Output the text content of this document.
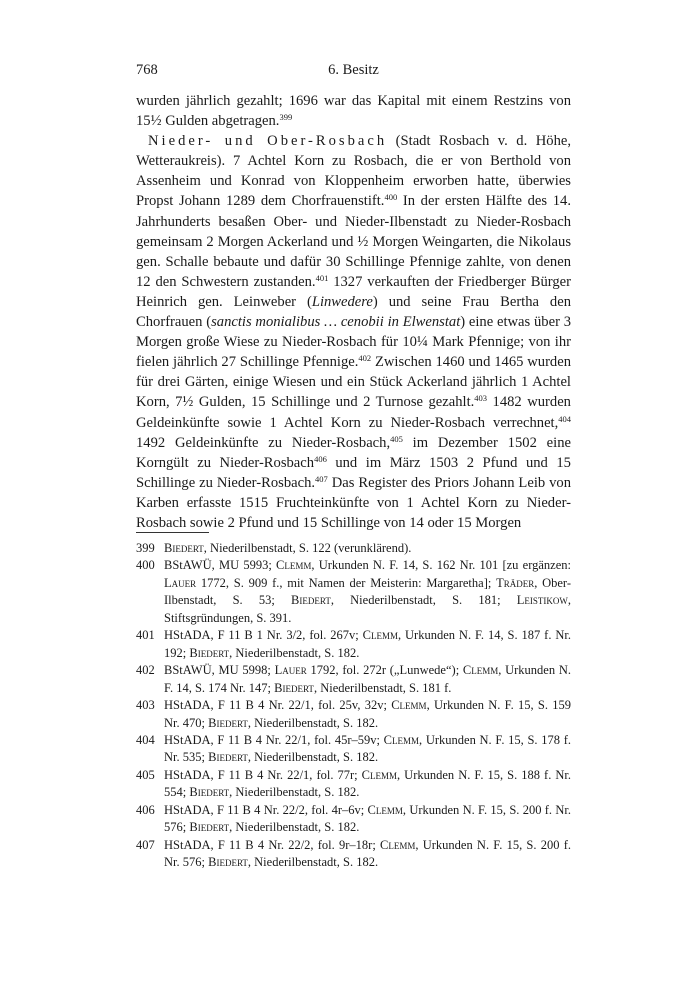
768	6. Besitz

wurden jährlich gezahlt; 1696 war das Kapital mit einem Restzins von 15½ Gulden abgetragen.$^{399}$

Nieder- und Ober-Rosbach (Stadt Rosbach v. d. Höhe, Wetteraukreis). 7 Achtel Korn zu Rosbach, die er von Berthold von Assenheim und Konrad von Kloppenheim erworben hatte, überwies Propst Johann 1289 dem Chorfrauenstift.$^{400}$ In der ersten Hälfte des 14. Jahrhunderts besaßen Ober- und Nieder-Ilbenstadt zu Nieder-Rosbach gemeinsam 2 Morgen Ackerland und ½ Morgen Weingarten, die Nikolaus gen. Schalle bebaute und dafür 30 Schillinge Pfennige zahlte, von denen 12 den Schwestern zustanden.$^{401}$ 1327 verkauften der Friedberger Bürger Heinrich gen. Leinweber (Linwedere) und seine Frau Bertha den Chorfrauen (sanctis monialibus … cenobii in Elwenstat) eine etwas über 3 Morgen große Wiese zu Nieder-Rosbach für 10¼ Mark Pfennige; von ihr fielen jährlich 27 Schillinge Pfennige.$^{402}$ Zwischen 1460 und 1465 wurden für drei Gärten, einige Wiesen und ein Stück Ackerland jährlich 1 Achtel Korn, 7½ Gulden, 15 Schillinge und 2 Turnose gezahlt.$^{403}$ 1482 wurden Geldeinkünfte sowie 1 Achtel Korn zu Nieder-Rosbach verrechnet,$^{404}$ 1492 Geldeinkünfte zu Nieder-Rosbach,$^{405}$ im Dezember 1502 eine Korngült zu Nieder-Rosbach$^{406}$ und im März 1503 2 Pfund und 15 Schillinge zu Nieder-Rosbach.$^{407}$ Das Register des Priors Johann Leib von Karben erfasste 1515 Fruchteinkünfte von 1 Achtel Korn zu Nieder-Rosbach sowie 2 Pfund und 15 Schillinge von 14 oder 15 Morgen

399 Biedert, Niederilbenstadt, S. 122 (verunklärend).
400 BStAWÜ, MU 5993; Clemm, Urkunden N. F. 14, S. 162 Nr. 101 [zu ergänzen: Lauer 1772, S. 909 f., mit Namen der Meisterin: Margaretha]; Träder, Ober-Ilbenstadt, S. 53; Biedert, Niederilbenstadt, S. 181; Leistikow, Stiftsgründungen, S. 391.
401 HStADA, F 11 B 1 Nr. 3/2, fol. 267v; Clemm, Urkunden N. F. 14, S. 187 f. Nr. 192; Biedert, Niederilbenstadt, S. 182.
402 BStAWÜ, MU 5998; Lauer 1792, fol. 272r („Lunwede“); Clemm, Urkunden N. F. 14, S. 174 Nr. 147; Biedert, Niederilbenstadt, S. 181 f.
403 HStADA, F 11 B 4 Nr. 22/1, fol. 25v, 32v; Clemm, Urkunden N. F. 15, S. 159 Nr. 470; Biedert, Niederilbenstadt, S. 182.
404 HStADA, F 11 B 4 Nr. 22/1, fol. 45r–59v; Clemm, Urkunden N. F. 15, S. 178 f. Nr. 535; Biedert, Niederilbenstadt, S. 182.
405 HStADA, F 11 B 4 Nr. 22/1, fol. 77r; Clemm, Urkunden N. F. 15, S. 188 f. Nr. 554; Biedert, Niederilbenstadt, S. 182.
406 HStADA, F 11 B 4 Nr. 22/2, fol. 4r–6v; Clemm, Urkunden N. F. 15, S. 200 f. Nr. 576; Biedert, Niederilbenstadt, S. 182.
407 HStADA, F 11 B 4 Nr. 22/2, fol. 9r–18r; Clemm, Urkunden N. F. 15, S. 200 f. Nr. 576; Biedert, Niederilbenstadt, S. 182.
